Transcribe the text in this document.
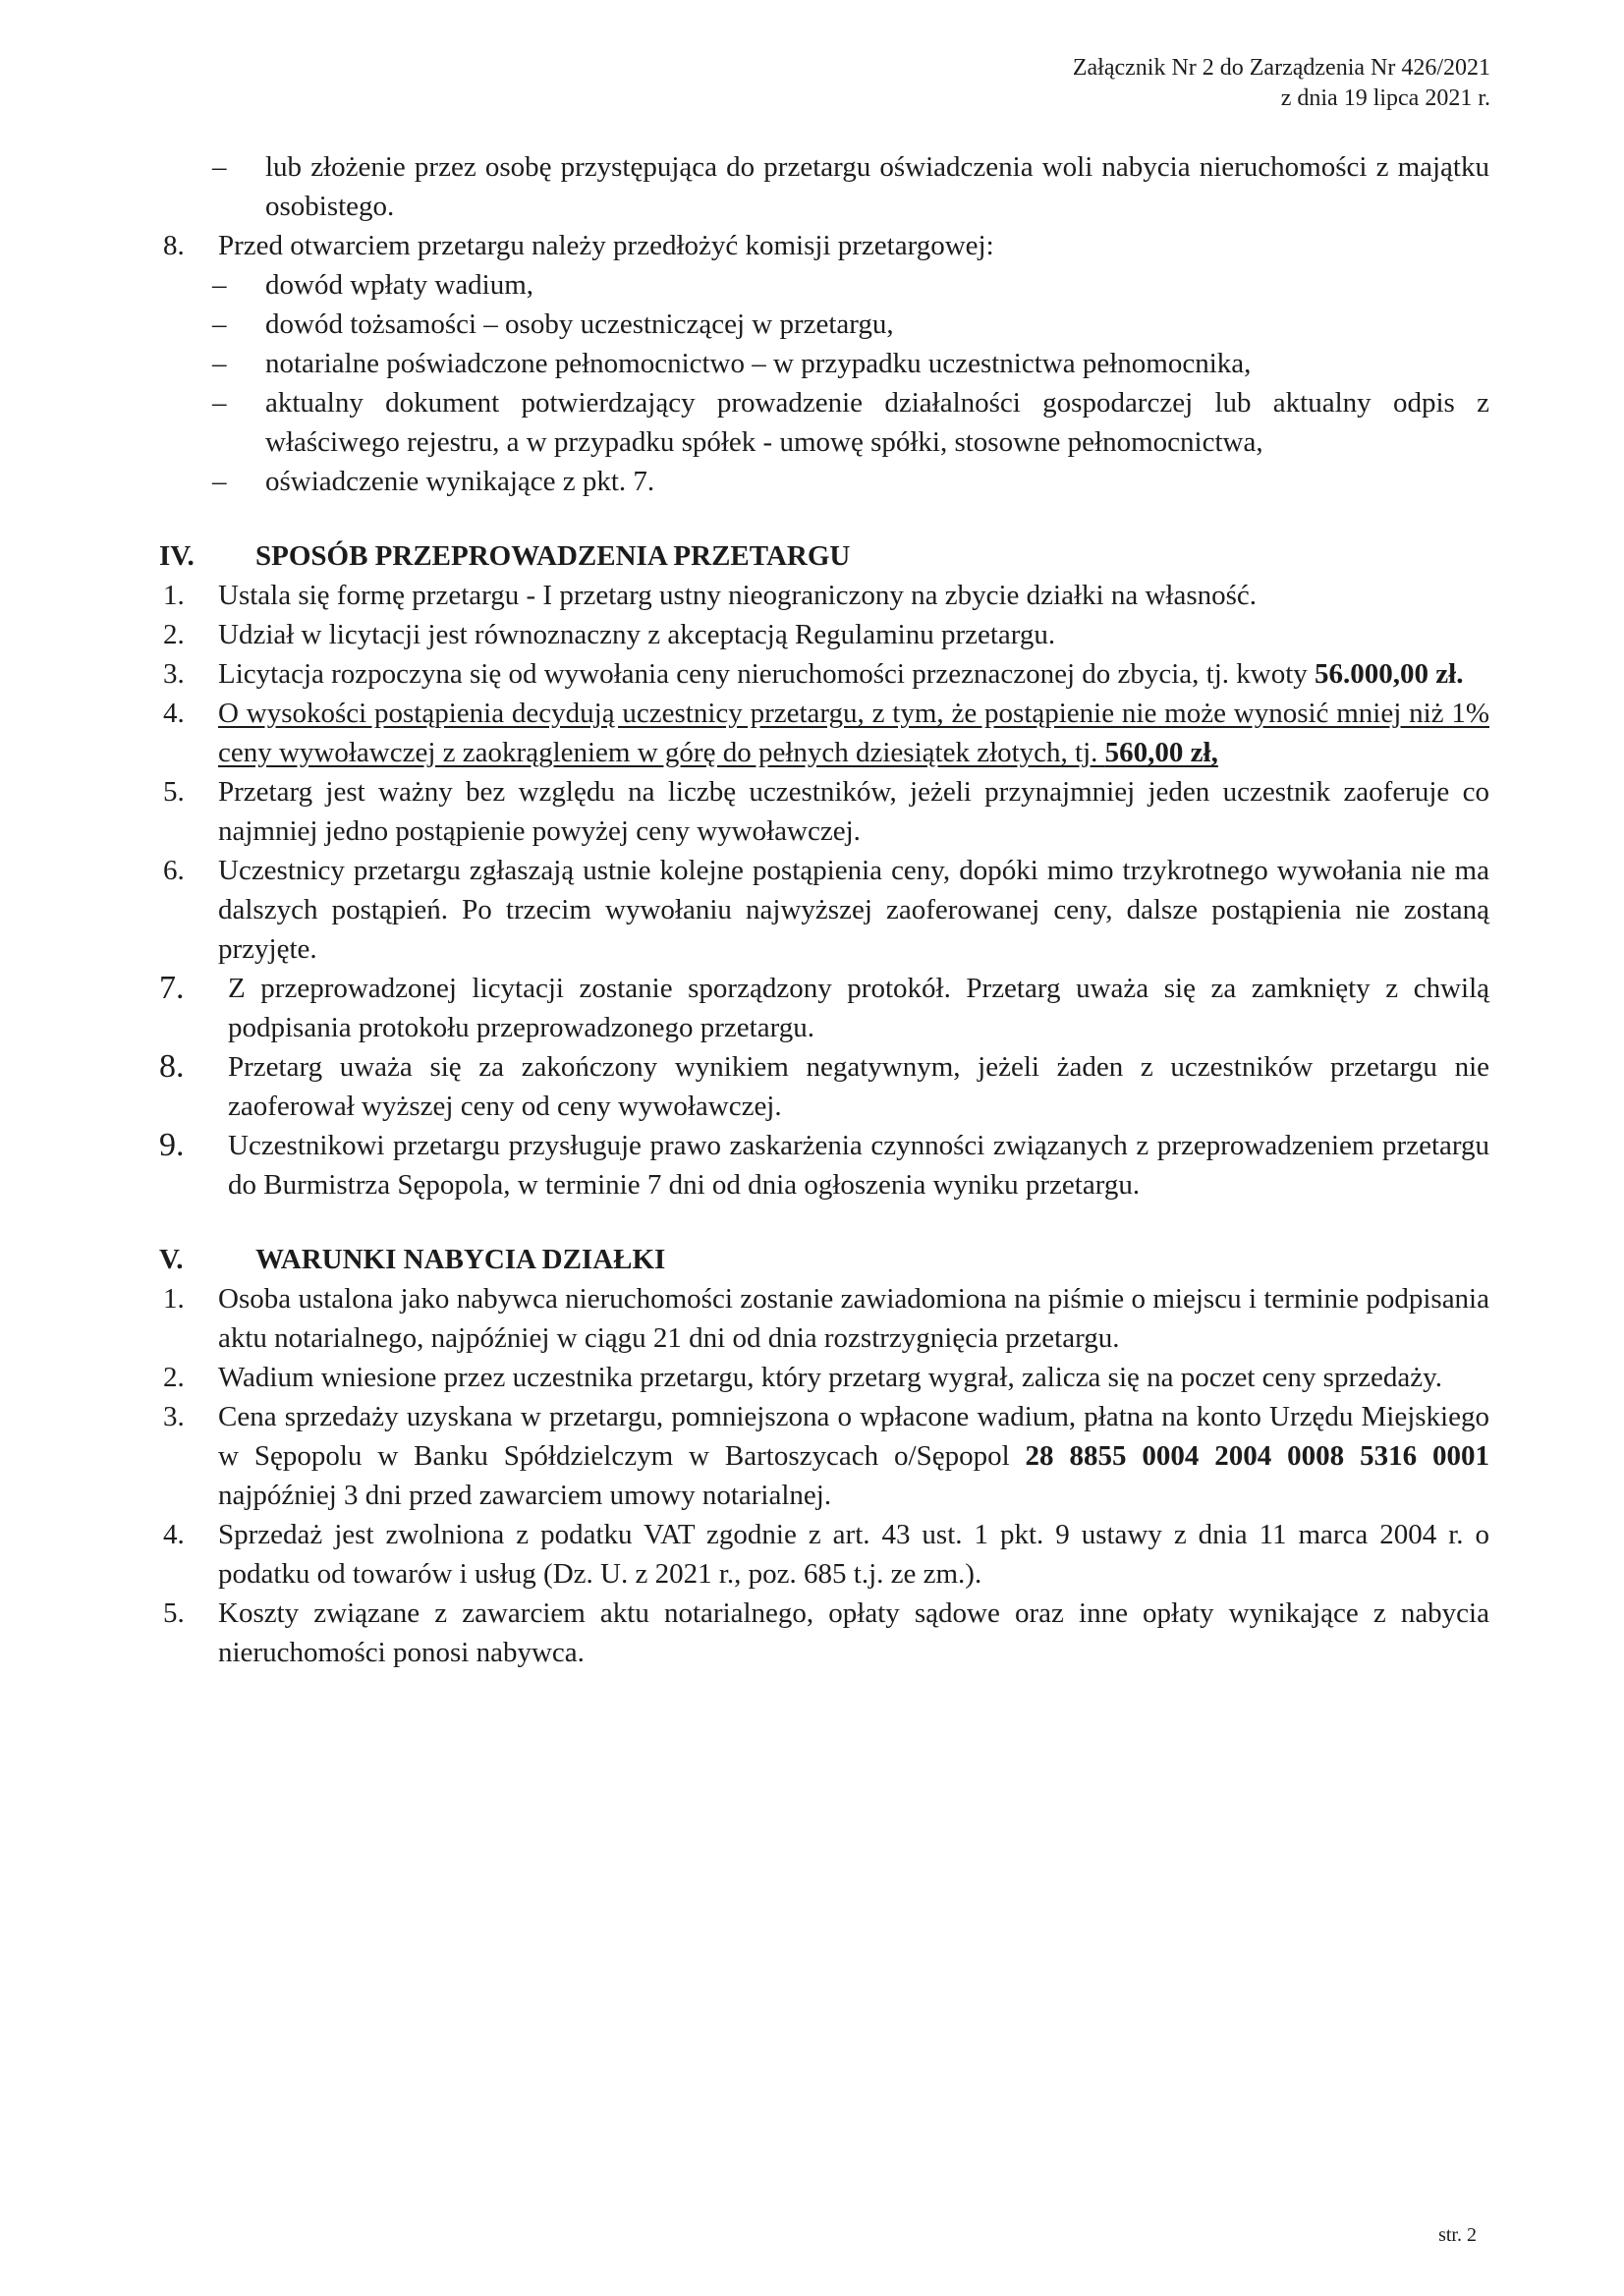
Załącznik Nr 2 do Zarządzenia Nr 426/2021
z dnia 19 lipca 2021 r.

– lub złożenie przez osobę przystępująca do przetargu oświadczenia woli nabycia nieruchomości z majątku osobistego.

8. Przed otwarciem przetargu należy przedłożyć komisji przetargowej:

– dowód wpłaty wadium,

– dowód tożsamości – osoby uczestniczącej w przetargu,

– notarialne poświadczone pełnomocnictwo – w przypadku uczestnictwa pełnomocnika,

– aktualny dokument potwierdzający prowadzenie działalności gospodarczej lub aktualny odpis z właściwego rejestru, a w przypadku spółek - umowę spółki, stosowne pełnomocnictwa,

– oświadczenie wynikające z pkt. 7.

IV. SPOSÓB PRZEPROWADZENIA PRZETARGU

1. Ustala się formę przetargu - I przetarg ustny nieograniczony na zbycie działki na własność.

2. Udział w licytacji jest równoznaczny z akceptacją Regulaminu przetargu.

3. Licytacja rozpoczyna się od wywołania ceny nieruchomości przeznaczonej do zbycia, tj. kwoty 56.000,00 zł.

4. O wysokości postąpienia decydują uczestnicy przetargu, z tym, że postąpienie nie może wynosić mniej niż 1% ceny wywoławczej z zaokrągleniem w górę do pełnych dziesiątek złotych, tj. 560,00 zł,

5. Przetarg jest ważny bez względu na liczbę uczestników, jeżeli przynajmniej jeden uczestnik zaoferuje co najmniej jedno postąpienie powyżej ceny wywoławczej.

6. Uczestnicy przetargu zgłaszają ustnie kolejne postąpienia ceny, dopóki mimo trzykrotnego wywołania nie ma dalszych postąpień. Po trzecim wywołaniu najwyższej zaoferowanej ceny, dalsze postąpienia nie zostaną przyjęte.

7. Z przeprowadzonej licytacji zostanie sporządzony protokół. Przetarg uważa się za zamknięty z chwilą podpisania protokołu przeprowadzonego przetargu.

8. Przetarg uważa się za zakończony wynikiem negatywnym, jeżeli żaden z uczestników przetargu nie zaoferował wyższej ceny od ceny wywoławczej.

9. Uczestnikowi przetargu przysługuje prawo zaskarżenia czynności związanych z przeprowadzeniem przetargu do Burmistrza Sępopola, w terminie 7 dni od dnia ogłoszenia wyniku przetargu.

V.	WARUNKI NABYCIA DZIAŁKI

1. Osoba ustalona jako nabywca nieruchomości zostanie zawiadomiona na piśmie o miejscu i terminie podpisania aktu notarialnego, najpóźniej w ciągu 21 dni od dnia rozstrzygnięcia przetargu.

2. Wadium wniesione przez uczestnika przetargu, który przetarg wygrał, zalicza się na poczet ceny sprzedaży.

3. Cena sprzedaży uzyskana w przetargu, pomniejszona o wpłacone wadium, płatna na konto Urzędu Miejskiego w Sępopolu w Banku Spółdzielczym w Bartoszycach o/Sępopol 28 8855 0004 2004 0008 5316 0001 najpóźniej 3 dni przed zawarciem umowy notarialnej.

4. Sprzedaż jest zwolniona z podatku VAT zgodnie z art. 43 ust. 1 pkt. 9 ustawy z dnia 11 marca 2004 r. o podatku od towarów i usług (Dz. U. z 2021 r., poz. 685 t.j. ze zm.).

5. Koszty związane z zawarciem aktu notarialnego, opłaty sądowe oraz inne opłaty wynikające z nabycia nieruchomości ponosi nabywca.

str. 2
